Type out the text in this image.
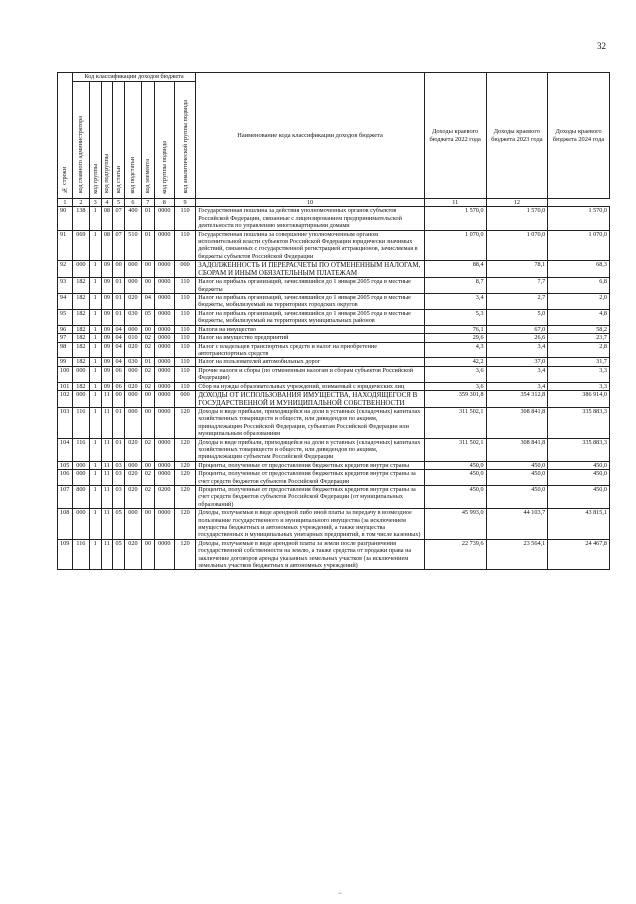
32
№ строки	Код классификации доходов бюджета								Наименование кода классификации доходов бюджета	Доходы краевого бюджета 2022 года	Доходы краевого бюджета 2023 года	Доходы краевого бюджета 2024 года
	код главного администратора	код группы	код подгруппы	код статьи	код подстатьи	код элемента	код группы подвида	код аналитической группы подвида				
1	2	3	4	5	6	7	8	9	10	11	12	
90	138	1	08	07	400	01	0000	110	Государственная пошлина за действия уполномоченных органов субъектов Российской Федерации, связанные с лицензированием предпринимательской деятельности по управлению многоквартирными домами	1 570,0	1 570,0	1 570,0
91	069	1	08	07	510	01	0000	110	Государственная пошлина за совершение уполномоченным органом исполнительной власти субъектов Российской Федерации юридически значимых действий, связанных с государственной регистрацией аттракционов, зачисляемая в бюджеты субъектов Российской Федерации	1 070,0	1 070,0	1 070,0
92	000	1	09	00	000	00	0000	000	ЗАДОЛЖЕННОСТЬ И ПЕРЕРАСЧЕТЫ ПО ОТМЕНЕННЫМ НАЛОГАМ, СБОРАМ И ИНЫМ ОБЯЗАТЕЛЬНЫМ ПЛАТЕЖАМ	88,4	78,1	68,3
93	182	1	09	01	000	00	0000	110	Налог на прибыль организаций, зачислявшийся до 1 января 2005 года в местные бюджеты	8,7	7,7	6,8
94	182	1	09	01	020	04	0000	110	Налог на прибыль организаций, зачислявшийся до 1 января 2005 года в местные бюджеты, мобилизуемый на территориях городских округов	3,4	2,7	2,0
95	182	1	09	01	030	05	0000	110	Налог на прибыль организаций, зачислявшийся до 1 января 2005 года в местные бюджеты, мобилизуемый на территориях муниципальных районов	5,3	5,0	4,8
96	182	1	09	04	000	00	0000	110	Налоги на имущество	76,1	67,0	58,2
97	182	1	09	04	010	02	0000	110	Налог на имущество предприятий	29,6	26,6	23,7
98	182	1	09	04	020	02	0000	110	Налог с владельцев транспортных средств и налог на приобретение автотранспортных средств	4,3	3,4	2,8
99	182	1	09	04	030	01	0000	110	Налог на пользователей автомобильных дорог	42,2	37,0	31,7
100	000	1	09	06	000	02	0000	110	Прочие налоги и сборы (по отмененным налогам и сборам субъектов Российской Федерации)	3,6	3,4	3,3
101	182	1	09	06	020	02	0000	110	Сбор на нужды образовательных учреждений, взимаемый с юридических лиц	3,6	3,4	3,3
102	000	1	11	00	000	00	0000	000	ДОХОДЫ ОТ ИСПОЛЬЗОВАНИЯ ИМУЩЕСТВА, НАХОДЯЩЕГОСЯ В ГОСУДАРСТВЕННОЙ И МУНИЦИПАЛЬНОЙ СОБСТВЕННОСТИ	359 301,8	354 312,8	386 914,0
103	116	1	11	01	000	00	0000	120	Доходы в виде прибыли, приходящейся на доли в уставных (складочных) капиталах хозяйственных товариществ и обществ, или дивидендов по акциям, принадлежащим Российской Федерации, субъектам Российской Федерации или муниципальным образованиям	311 502,1	308 841,8	335 883,3
104	116	1	11	01	020	02	0000	120	Доходы в виде прибыли, приходящейся на доли в уставных (складочных) капиталах хозяйственных товариществ и обществ, или дивидендов по акциям, принадлежащим субъектам Российской Федерации	311 502,1	308 841,8	335 883,3
105	000	1	11	03	000	00	0000	120	Проценты, полученные от предоставления бюджетных кредитов внутри страны	450,0	450,0	450,0
106	000	1	11	03	020	02	0000	120	Проценты, полученные от предоставления бюджетных кредитов внутри страны за счет средств бюджетов субъектов Российской Федерации	450,0	450,0	450,0
107	800	1	11	03	020	02	0200	120	Проценты, полученные от предоставления бюджетных кредитов внутри страны за счет средств бюджетов субъектов Российской Федерации (от муниципальных образований)	450,0	450,0	450,0
108	000	1	11	05	000	00	0000	120	Доходы, получаемые в виде арендной либо иной платы за передачу в возмездное пользование государственного и муниципального имущества (за исключением имущества бюджетных и автономных учреждений, а также имущества государственных и муниципальных унитарных предприятий, в том числе казенных)	45 993,0	44 103,7	43 815,1
109	116	1	11	05	020	00	0000	120	Доходы, получаемые в виде арендной платы за земли после разграничения государственной собственности на землю, а также средства от продажи права на заключение договоров аренды указанных земельных участков (за исключением земельных участков бюджетных и автономных учреждений)	22 739,6	23 564,1	24 467,8
~
